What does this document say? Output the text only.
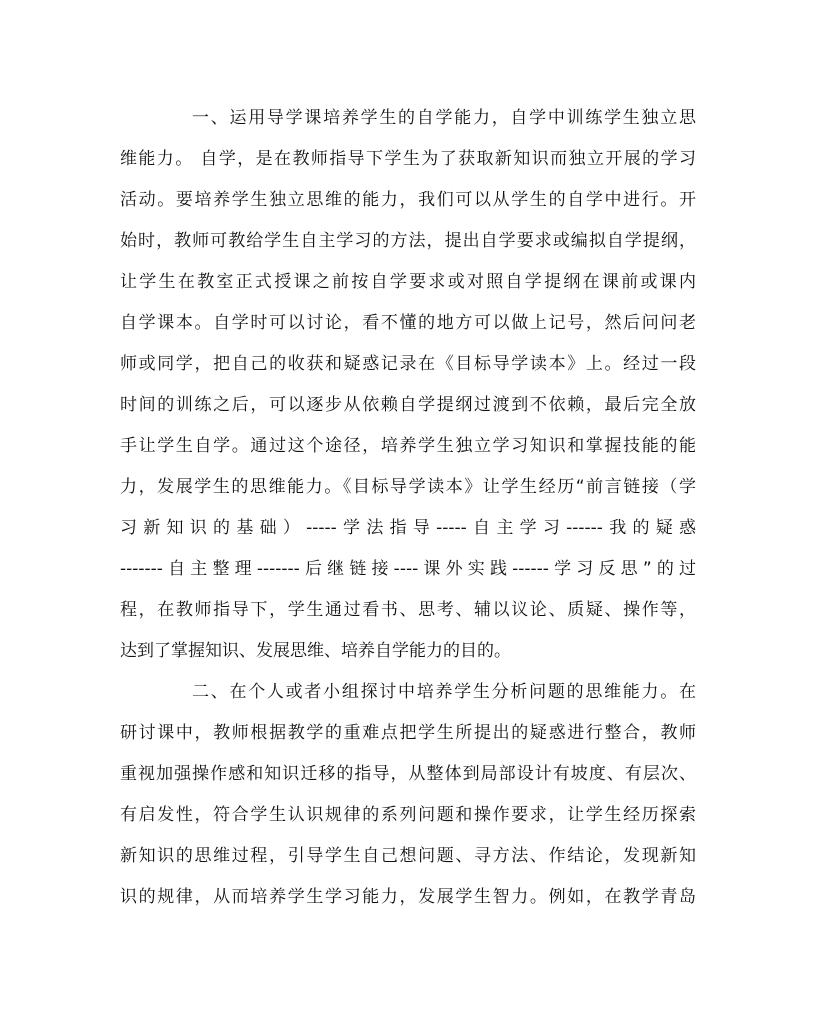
一、运用导学课培养学生的自学能力，自学中训练学生独立思
维能力。 自学，是在教师指导下学生为了获取新知识而独立开展的学习
活动。要培养学生独立思维的能力，我们可以从学生的自学中进行。开
始时，教师可教给学生自主学习的方法，提出自学要求或编拟自学提纲，
让学生在教室正式授课之前按自学要求或对照自学提纲在课前或课内
自学课本。自学时可以讨论，看不懂的地方可以做上记号，然后问问老
师或同学，把自己的收获和疑惑记录在《目标导学读本》上。经过一段
时间的训练之后，可以逐步从依赖自学提纲过渡到不依赖，最后完全放
手让学生自学。通过这个途径，培养学生独立学习知识和掌握技能的能
力，发展学生的思维能力。《目标导学读本》让学生经历“前言链接（学
习新知识的基础）-----学法指导-----自主学习------我的疑惑
-------自主整理-------后继链接----课外实践------学习反思”的过
程，在教师指导下，学生通过看书、思考、辅以议论、质疑、操作等，
达到了掌握知识、发展思维、培养自学能力的目的。
二、在个人或者小组探讨中培养学生分析问题的思维能力。在
研讨课中，教师根据教学的重难点把学生所提出的疑惑进行整合，教师
重视加强操作感和知识迁移的指导，从整体到局部设计有坡度、有层次、
有启发性，符合学生认识规律的系列问题和操作要求，让学生经历探索
新知识的思维过程，引导学生自己想问题、寻方法、作结论，发现新知
识的规律，从而培养学生学习能力，发展学生智力。例如，在教学青岛
